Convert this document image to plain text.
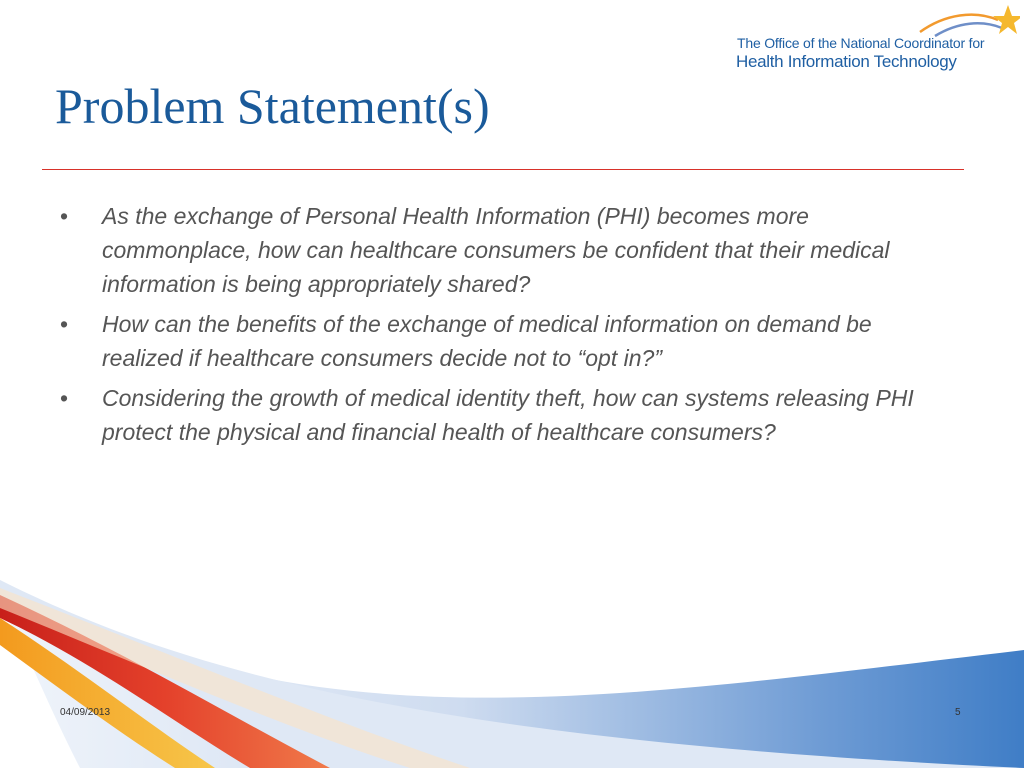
The Office of the National Coordinator for
Health Information Technology
Problem Statement(s)
• As the exchange of Personal Health Information (PHI) becomes more commonplace, how can healthcare consumers be confident that their medical information is being appropriately shared?
• How can the benefits of the exchange of medical information on demand be realized if healthcare consumers decide not to “opt in?”
• Considering the growth of medical identity theft, how can systems releasing PHI protect the physical and financial health of healthcare consumers?
04/09/2013	5
